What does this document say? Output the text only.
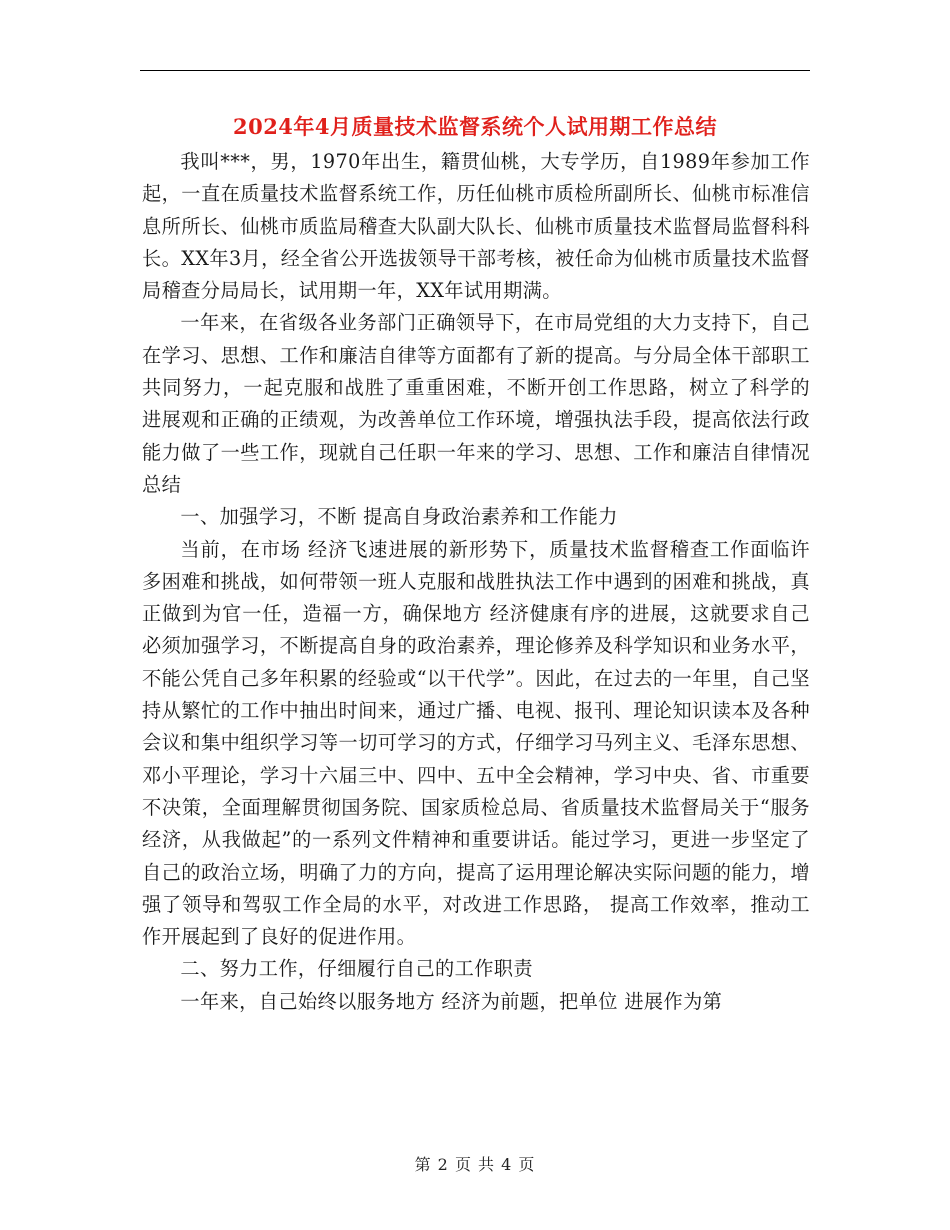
2024年4月质量技术监督系统个人试用期工作总结

我叫***，男，1970年出生，籍贯仙桃，大专学历，自1989年参加工作起，一直在质量技术监督系统工作，历任仙桃市质检所副所长、仙桃市标准信息所所长、仙桃市质监局稽查大队副大队长、仙桃市质量技术监督局监督科科长。XX年3月，经全省公开选拔领导干部考核，被任命为仙桃市质量技术监督局稽查分局局长，试用期一年，XX年试用期满。

一年来，在省级各业务部门正确领导下，在市局党组的大力支持下，自己在学习、思想、工作和廉洁自律等方面都有了新的提高。与分局全体干部职工共同努力，一起克服和战胜了重重困难，不断开创工作思路，树立了科学的 进展观和正确的正绩观，为改善单位工作环境，增强执法手段，提高依法行政能力做了一些工作，现就自己任职一年来的学习、思想、工作和廉洁自律情况 总结

一、加强学习，不断 提高自身政治素养和工作能力

当前，在市场 经济飞速进展的新形势下，质量技术监督稽查工作面临许多困难和挑战，如何带领一班人克服和战胜执法工作中遇到的困难和挑战，真正做到为官一任，造福一方，确保地方 经济健康有序的进展，这就要求自己必须加强学习，不断提高自身的政治素养，理论修养及科学知识和业务水平，不能公凭自己多年积累的经验或“以干代学”。因此，在过去的一年里，自己坚持从繁忙的工作中抽出时间来，通过广播、电视、报刊、理论知识读本及各种会议和集中组织学习等一切可学习的方式，仔细学习马列主义、毛泽东思想、邓小平理论，学习十六届三中、四中、五中全会精神，学习中央、省、市重要不决策，全面理解贯彻国务院、国家质检总局、省质量技术监督局关于“服务经济，从我做起”的一系列文件精神和重要讲话。能过学习，更进一步坚定了自己的政治立场，明确了力的方向，提高了运用理论解决实际问题的能力，增强了领导和驾驭工作全局的水平，对改进工作思路， 提高工作效率，推动工作开展起到了良好的促进作用。

二、努力工作，仔细履行自己的工作职责

一年来，自己始终以服务地方 经济为前题，把单位 进展作为第

第 2 页 共 4 页
